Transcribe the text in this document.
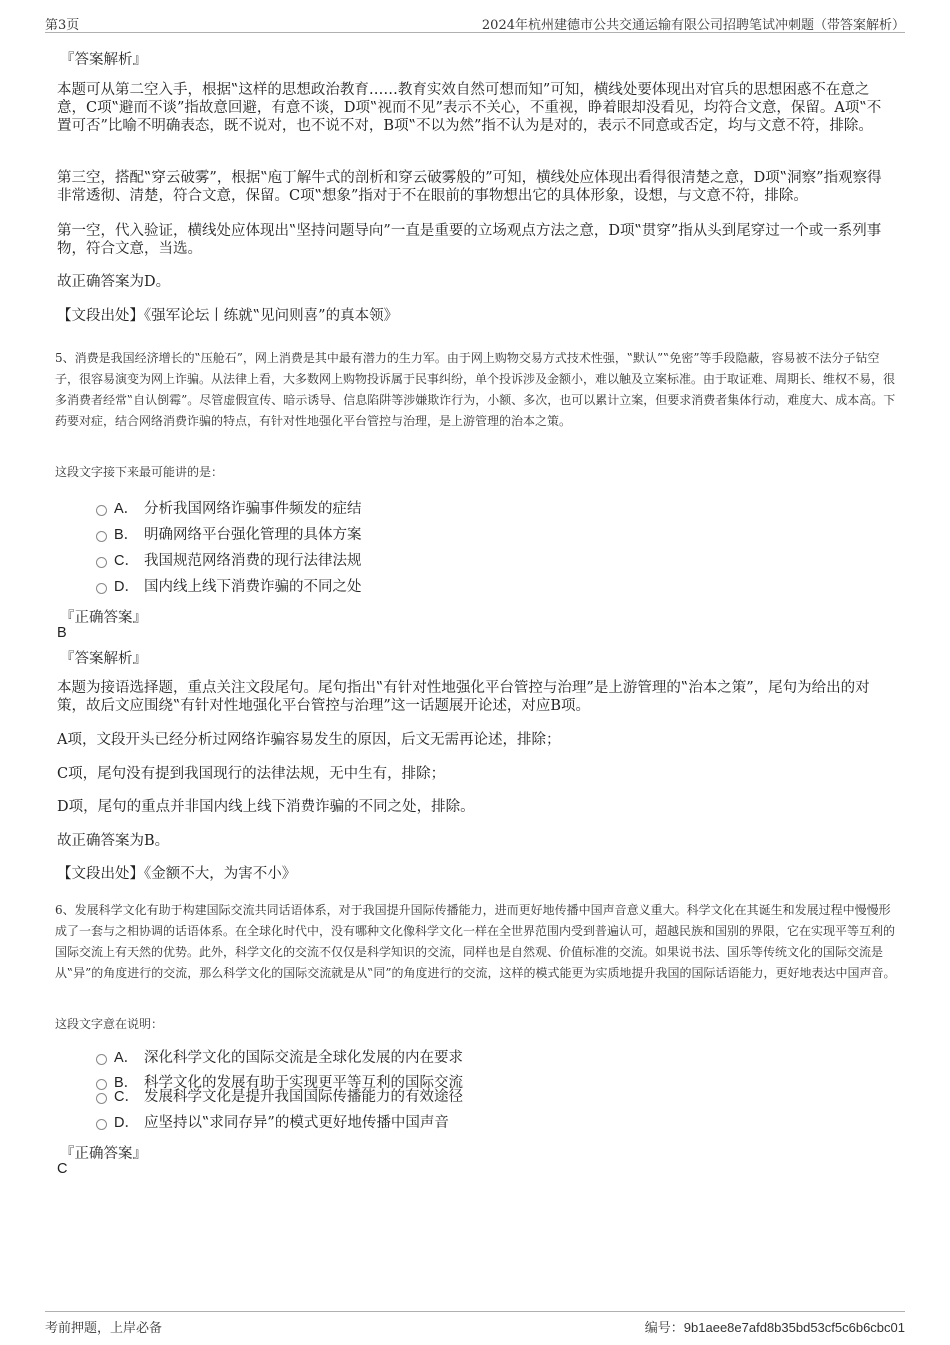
第3页	2024年杭州建德市公共交通运输有限公司招聘笔试冲刺题（带答案解析）
『答案解析』
本题可从第二空入手，根据‟这样的思想政治教育……教育实效自然可想而知”可知，横线处要体现出对官兵的思想困惑不在意之意，C项‟避而不谈”指故意回避，有意不谈，D项‟视而不见”表示不关心，不重视，睁着眼却没看见，均符合文意，保留。A项‟不置可否”比喻不明确表态，既不说对，也不说不对，B项‟不以为然”指不认为是对的，表示不同意或否定，均与文意不符，排除。
第三空，搭配‟穿云破雾”，根据‟庖丁解牛式的剖析和穿云破雾般的”可知，横线处应体现出看得很清楚之意，D项‟洞察”指观察得非常透彻、清楚，符合文意，保留。C项‟想象”指对于不在眼前的事物想出它的具体形象，设想，与文意不符，排除。
第一空，代入验证，横线处应体现出‟坚持问题导向”一直是重要的立场观点方法之意，D项‟贯穿”指从头到尾穿过一个或一系列事物，符合文意，当选。
故正确答案为D。
【文段出处】《强军论坛丨练就‟见问则喜”的真本领》
5、消费是我国经济增长的‟压舱石”，网上消费是其中最有潜力的生力军。由于网上购物交易方式技术性强，‟默认”‟免密”等手段隐蔽，容易被不法分子钻空子，很容易演变为网上诈骗。从法律上看，大多数网上购物投诉属于民事纠纷，单个投诉涉及金额小，难以触及立案标准。由于取证难、周期长、维权不易，很多消费者经常‟自认倒霉”。尽管虚假宣传、暗示诱导、信息陷阱等涉嫌欺诈行为，小额、多次，也可以累计立案，但要求消费者集体行动，难度大、成本高。下药要对症，结合网络消费诈骗的特点，有针对性地强化平台管控与治理，是上游管理的治本之策。
这段文字接下来最可能讲的是：
A． 分析我国网络诈骗事件频发的症结
B． 明确网络平台强化管理的具体方案
C． 我国规范网络消费的现行法律法规
D． 国内线上线下消费诈骗的不同之处
『正确答案』
B
『答案解析』
本题为接语选择题，重点关注文段尾句。尾句指出‟有针对性地强化平台管控与治理”是上游管理的‟治本之策”，尾句为给出的对策，故后文应围绕‟有针对性地强化平台管控与治理”这一话题展开论述，对应B项。
A项，文段开头已经分析过网络诈骗容易发生的原因，后文无需再论述，排除；
C项，尾句没有提到我国现行的法律法规，无中生有，排除；
D项，尾句的重点并非国内线上线下消费诈骗的不同之处，排除。
故正确答案为B。
【文段出处】《金额不大，为害不小》
6、发展科学文化有助于构建国际交流共同话语体系，对于我国提升国际传播能力，进而更好地传播中国声音意义重大。科学文化在其诞生和发展过程中慢慢形成了一套与之相协调的话语体系。在全球化时代中，没有哪种文化像科学文化一样在全世界范围内受到普遍认可，超越民族和国别的界限，它在实现平等互利的国际交流上有天然的优势。此外，科学文化的交流不仅仅是科学知识的交流，同样也是自然观、价值标准的交流。如果说书法、国乐等传统文化的国际交流是从‟异”的角度进行的交流，那么科学文化的国际交流就是从‟同”的角度进行的交流，这样的模式能更为实质地提升我国的国际话语能力，更好地表达中国声音。
这段文字意在说明：
A． 深化科学文化的国际交流是全球化发展的内在要求
B． 科学文化的发展有助于实现更平等互利的国际交流
C． 发展科学文化是提升我国国际传播能力的有效途径
D． 应坚持以‟求同存异”的模式更好地传播中国声音
『正确答案』
C
考前押题，上岸必备	编号：9b1aee8e7afd8b35bd53cf5c6b6cbc01
